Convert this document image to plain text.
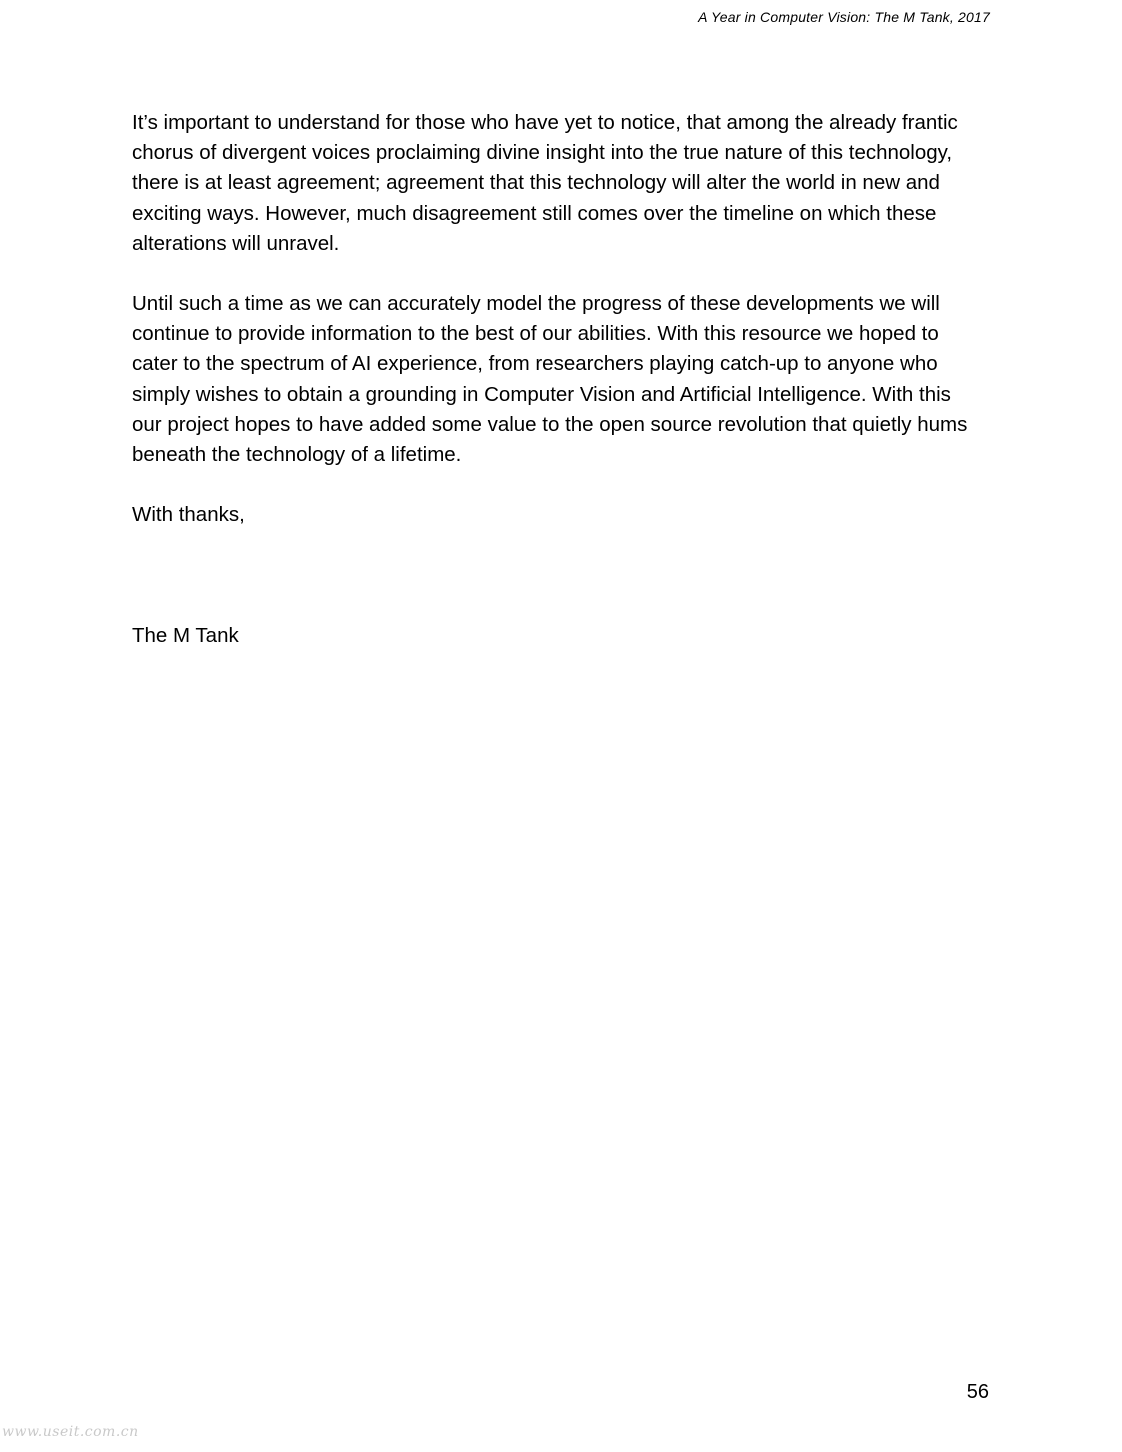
A Year in Computer Vision: The M Tank, 2017

It’s important to understand for those who have yet to notice, that among the already frantic chorus of divergent voices proclaiming divine insight into the true nature of this technology, there is at least agreement; agreement that this technology will alter the world in new and exciting ways. However, much disagreement still comes over the timeline on which these alterations will unravel.

Until such a time as we can accurately model the progress of these developments we will continue to provide information to the best of our abilities. With this resource we hoped to cater to the spectrum of AI experience, from researchers playing catch-up to anyone who simply wishes to obtain a grounding in Computer Vision and Artificial Intelligence. With this our project hopes to have added some value to the open source revolution that quietly hums beneath the technology of a lifetime.

With thanks,

The M Tank

56
www.useit.com.cn
